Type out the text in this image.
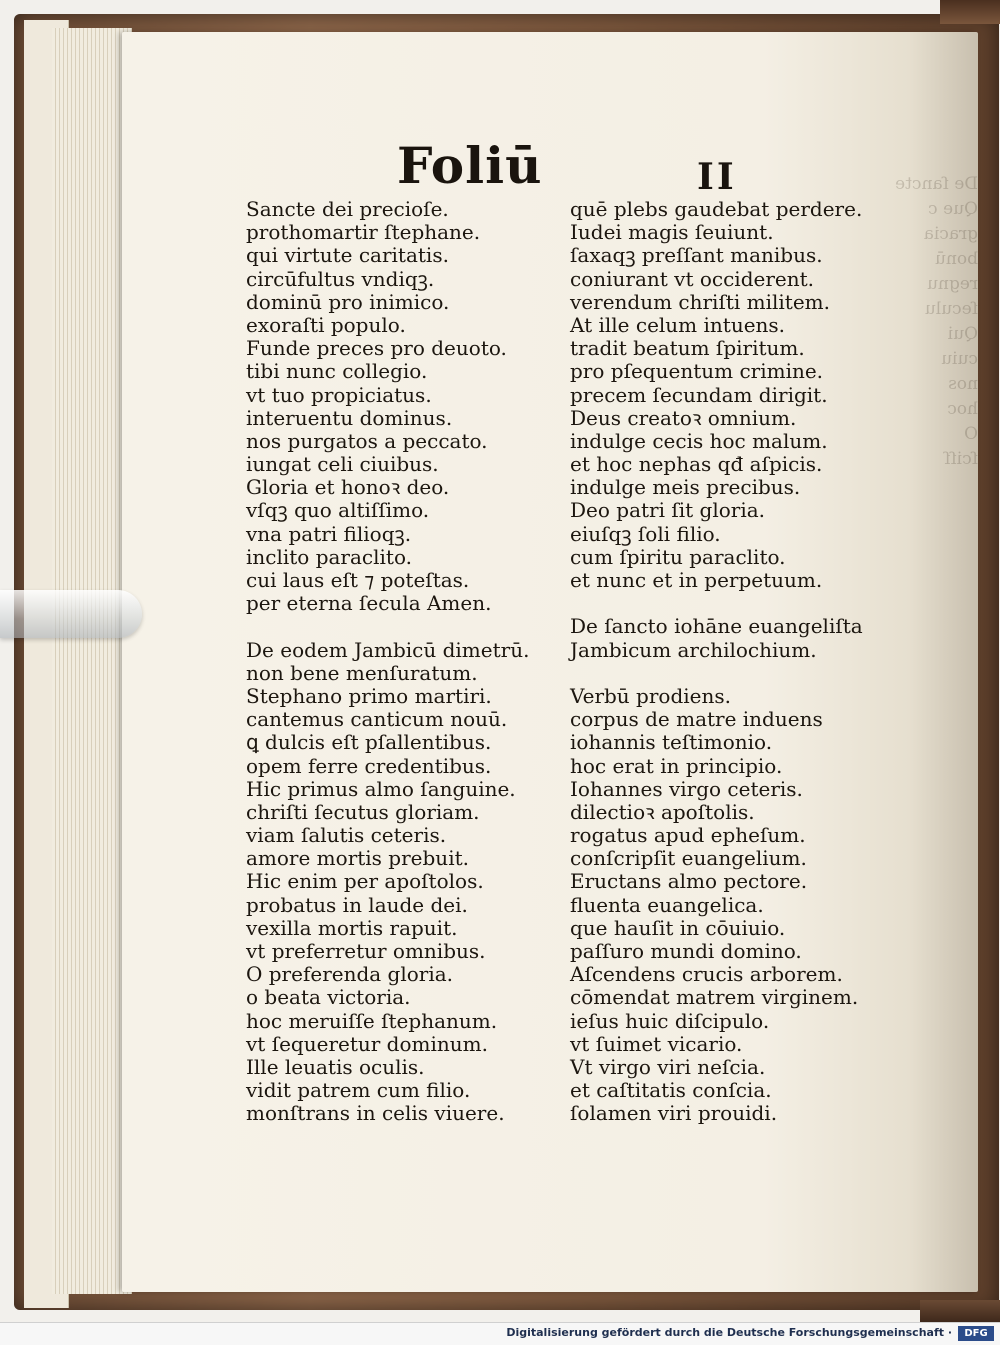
De ſancte
Que c
gracia
bonū
regnu
ſeculu
Qui
cuiu
nos
hoc
O
ſciſſ
Foliū	II
Sancte dei precioſe.
prothomartir ſtephane.
qui virtute caritatis.
circūfultus vndiqꝫ.
dominū pro inimico.
exoraſti populo.
Funde preces pro deuoto.
tibi nunc collegio.
vt tuo propiciatus.
interuentu dominus.
nos purgatos a peccato.
iungat celi ciuibus.
Gloria et honoꝛ deo.
vſqꝫ quo altiſſimo.
vna patri filioqꝫ.
inclito paraclito.
cui laus eſt ⁊ poteſtas.
per eterna ſecula Amen.
De eodem Jambicū dimetrū.
non bene menſuratum.
Stephano primo martiri.
cantemus canticum nouū.
ꝗ dulcis eſt pſallentibus.
opem ferre credentibus.
Hic primus almo ſanguine.
chriſti ſecutus gloriam.
viam ſalutis ceteris.
amore mortis prebuit.
Hic enim per apoſtolos.
probatus in laude dei.
vexilla mortis rapuit.
vt preferretur omnibus.
O preferenda gloria.
o beata victoria.
hoc meruiſſe ſtephanum.
vt ſequeretur dominum.
Ille leuatis oculis.
vidit patrem cum filio.
monſtrans in celis viuere.
quē plebs gaudebat perdere.
Iudei magis ſeuiunt.
ſaxaqꝫ preſſant manibus.
coniurant vt occiderent.
verendum chriſti militem.
At ille celum intuens.
tradit beatum ſpiritum.
pro pſequentum crimine.
precem ſecundam dirigit.
Deus creatoꝛ omnium.
indulge cecis hoc malum.
et hoc nephas qđ aſpicis.
indulge meis precibus.
Deo patri ſit gloria.
eiuſqꝫ ſoli filio.
cum ſpiritu paraclito.
et nunc et in perpetuum.
De ſancto iohāne euangeliſta
Jambicum archilochium.
Verbū prodiens.
corpus de matre induens
iohannis teſtimonio.
hoc erat in principio.
Iohannes virgo ceteris.
dilectioꝛ apoſtolis.
rogatus apud epheſum.
conſcripſit euangelium.
Eructans almo pectore.
fluenta euangelica.
que hauſit in cōuiuio.
paſſuro mundi domino.
Aſcendens crucis arborem.
cōmendat matrem virginem.
ieſus huic diſcipulo.
vt ſuimet vicario.
Vt virgo viri neſcia.
et caſtitatis conſcia.
ſolamen viri prouidi.
Digitalisierung gefördert durch die Deutsche Forschungsgemeinschaft ·	DFG
